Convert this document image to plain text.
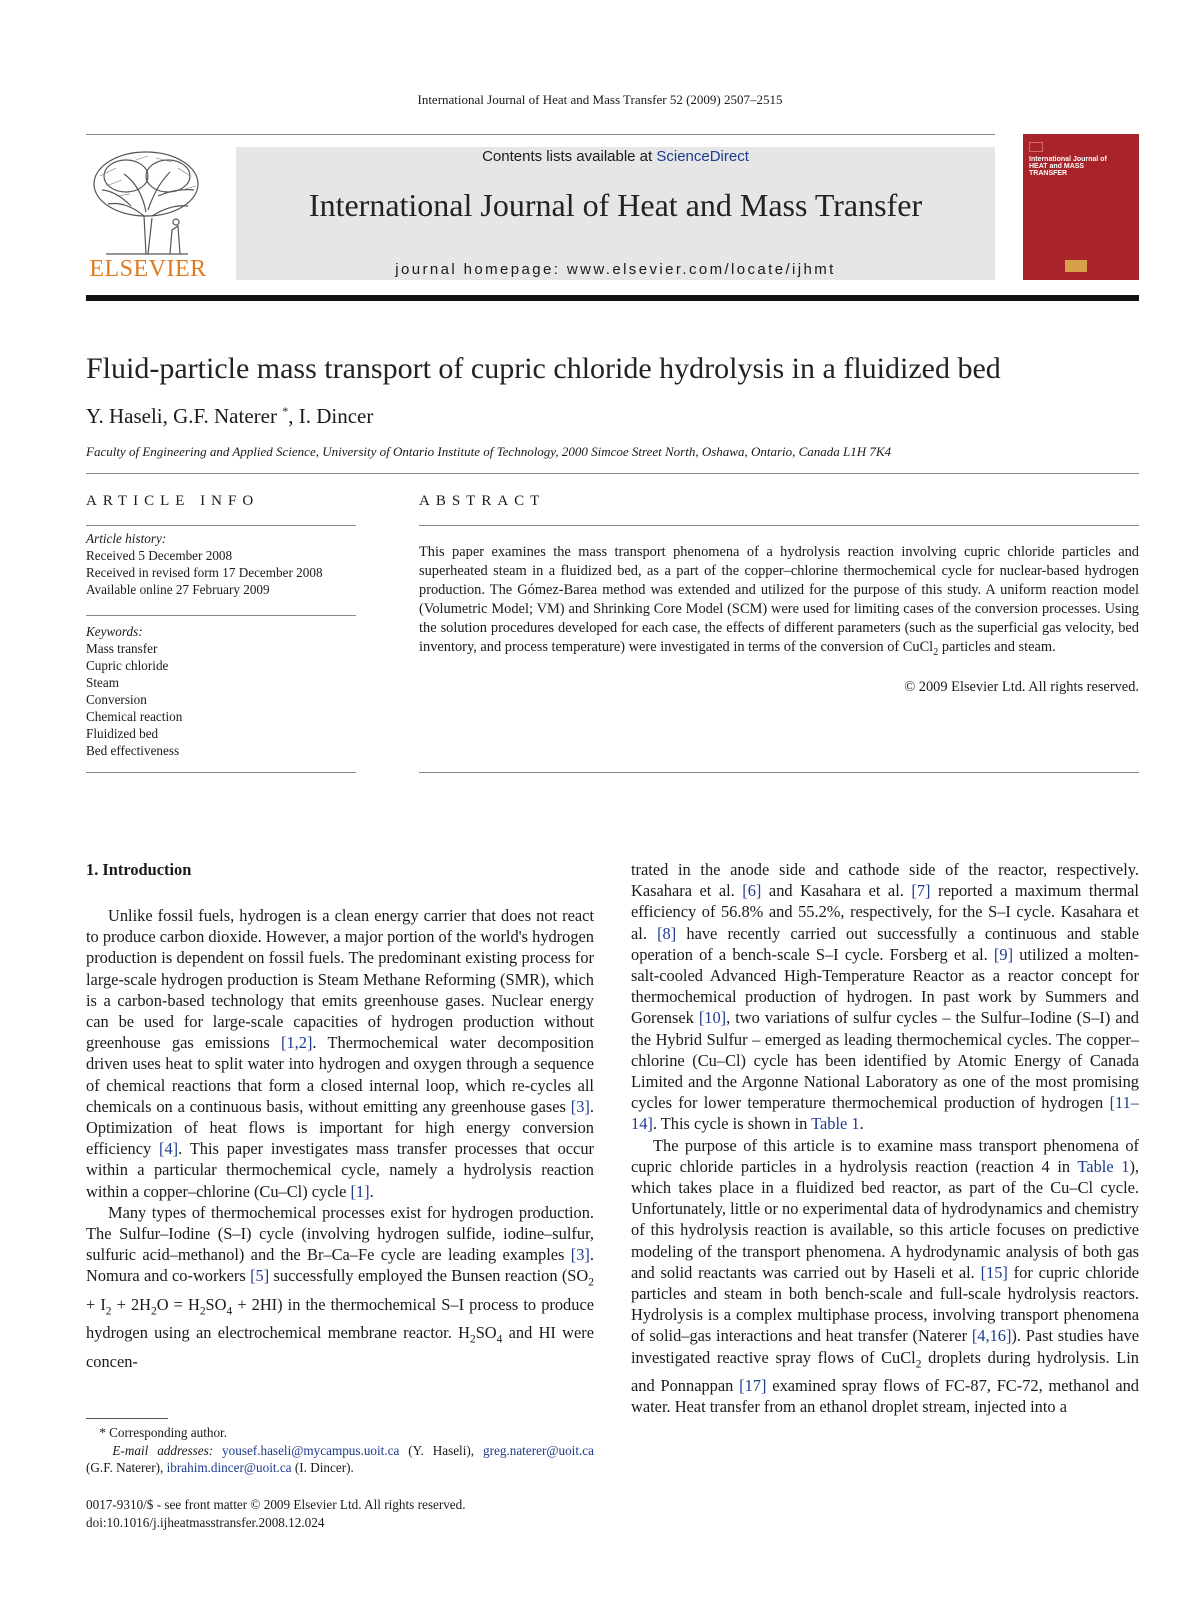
International Journal of Heat and Mass Transfer 52 (2009) 2507–2515
ELSEVIER
Contents lists available at ScienceDirect
International Journal of Heat and Mass Transfer
journal homepage: www.elsevier.com/locate/ijhmt
International Journal of HEAT and MASS TRANSFER
Fluid-particle mass transport of cupric chloride hydrolysis in a fluidized bed
Y. Haseli, G.F. Naterer *, I. Dincer
Faculty of Engineering and Applied Science, University of Ontario Institute of Technology, 2000 Simcoe Street North, Oshawa, Ontario, Canada L1H 7K4
ARTICLE INFO
Article history:
Received 5 December 2008
Received in revised form 17 December 2008
Available online 27 February 2009
Keywords:
Mass transfer
Cupric chloride
Steam
Conversion
Chemical reaction
Fluidized bed
Bed effectiveness
ABSTRACT
This paper examines the mass transport phenomena of a hydrolysis reaction involving cupric chloride particles and superheated steam in a fluidized bed, as a part of the copper–chlorine thermochemical cycle for nuclear-based hydrogen production. The Gómez-Barea method was extended and utilized for the purpose of this study. A uniform reaction model (Volumetric Model; VM) and Shrinking Core Model (SCM) were used for limiting cases of the conversion processes. Using the solution procedures developed for each case, the effects of different parameters (such as the superficial gas velocity, bed inventory, and process temperature) were investigated in terms of the conversion of CuCl$_2$ particles and steam.
© 2009 Elsevier Ltd. All rights reserved.
1. Introduction

Unlike fossil fuels, hydrogen is a clean energy carrier that does not react to produce carbon dioxide. However, a major portion of the world's hydrogen production is dependent on fossil fuels. The predominant existing process for large-scale hydrogen production is Steam Methane Reforming (SMR), which is a carbon-based technology that emits greenhouse gases. Nuclear energy can be used for large-scale capacities of hydrogen production without greenhouse gas emissions [1,2]. Thermochemical water decomposition driven uses heat to split water into hydrogen and oxygen through a sequence of chemical reactions that form a closed internal loop, which re-cycles all chemicals on a continuous basis, without emitting any greenhouse gases [3]. Optimization of heat flows is important for high energy conversion efficiency [4]. This paper investigates mass transfer processes that occur within a particular thermochemical cycle, namely a hydrolysis reaction within a copper–chlorine (Cu–Cl) cycle [1].

Many types of thermochemical processes exist for hydrogen production. The Sulfur–Iodine (S–I) cycle (involving hydrogen sulfide, iodine–sulfur, sulfuric acid–methanol) and the Br–Ca–Fe cycle are leading examples [3]. Nomura and co-workers [5] successfully employed the Bunsen reaction $(SO_2 + I_2 + 2H_2O = H_2SO_4 + 2HI)$ in the thermochemical S–I process to produce hydrogen using an electrochemical membrane reactor. $H_2SO_4$ and HI were concen-

trated in the anode side and cathode side of the reactor, respectively. Kasahara et al. [6] and Kasahara et al. [7] reported a maximum thermal efficiency of 56.8% and 55.2%, respectively, for the S–I cycle. Kasahara et al. [8] have recently carried out successfully a continuous and stable operation of a bench-scale S–I cycle. Forsberg et al. [9] utilized a molten-salt-cooled Advanced High-Temperature Reactor as a reactor concept for thermochemical production of hydrogen. In past work by Summers and Gorensek [10], two variations of sulfur cycles – the Sulfur–Iodine (S–I) and the Hybrid Sulfur – emerged as leading thermochemical cycles. The copper–chlorine (Cu–Cl) cycle has been identified by Atomic Energy of Canada Limited and the Argonne National Laboratory as one of the most promising cycles for lower temperature thermochemical production of hydrogen [11–14]. This cycle is shown in Table 1.

The purpose of this article is to examine mass transport phenomena of cupric chloride particles in a hydrolysis reaction (reaction 4 in Table 1), which takes place in a fluidized bed reactor, as part of the Cu–Cl cycle. Unfortunately, little or no experimental data of hydrodynamics and chemistry of this hydrolysis reaction is available, so this article focuses on predictive modeling of the transport phenomena. A hydrodynamic analysis of both gas and solid reactants was carried out by Haseli et al. [15] for cupric chloride particles and steam in both bench-scale and full-scale hydrolysis reactors. Hydrolysis is a complex multiphase process, involving transport phenomena of solid–gas interactions and heat transfer (Naterer [4,16]). Past studies have investigated reactive spray flows of CuCl$_2$ droplets during hydrolysis. Lin and Ponnappan [17] examined spray flows of FC-87, FC-72, methanol and water. Heat transfer from an ethanol droplet stream, injected into a

 * Corresponding author.
  E-mail addresses: yousef.haseli@mycampus.uoit.ca (Y. Haseli), greg.naterer@uoit.ca (G.F. Naterer), ibrahim.dincer@uoit.ca (I. Dincer).
0017-9310/$ - see front matter © 2009 Elsevier Ltd. All rights reserved.
doi:10.1016/j.ijheatmasstransfer.2008.12.024
